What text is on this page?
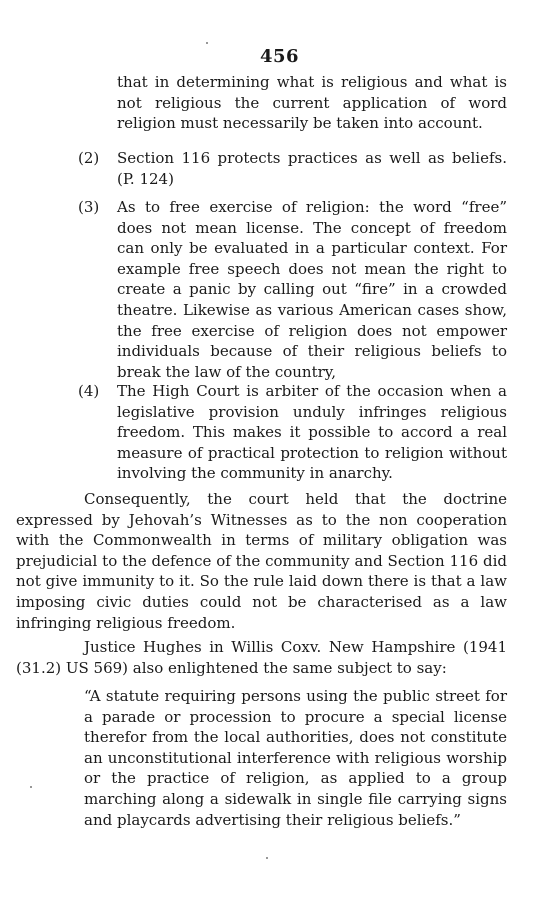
456
that in determining what is religious and what is not religious the current application of word religion must necessarily be taken into account.
(2)	Section 116 protects practices as well as beliefs. (P. 124)
(3)	As to free exercise of religion: the word “free” does not mean license. The concept of freedom can only be evaluated in a particular context. For example free speech does not mean the right to create a panic by calling out “fire” in a crowded theatre. Likewise as various American cases show, the free exercise of religion does not empower individuals because of their religious beliefs to break the law of the country,
(4)	The High Court is arbiter of the occasion when a legislative provision unduly infringes religious freedom. This makes it possible to accord a real measure of practical protection to religion without involving the community in anarchy.
Consequently, the court held that the doctrine expressed by Jehovah’s Witnesses as to the non cooperation with the Commonwealth in terms of military obligation was prejudicial to the defence of the community and Section 116 did not give immunity to it. So the rule laid down there is that a law imposing civic duties could not be characterised as a law infringing religious freedom.
Justice Hughes in Willis Coxv. New Hampshire (1941 (31.2) US 569) also enlightened the same subject to say:
“A statute requiring persons using the public street for a parade or procession to procure a special license therefor from the local authorities, does not constitute an unconstitutional interference with religious worship or the practice of religion, as applied to a group marching along a sidewalk in single file carrying signs and playcards advertising their religious beliefs.”
